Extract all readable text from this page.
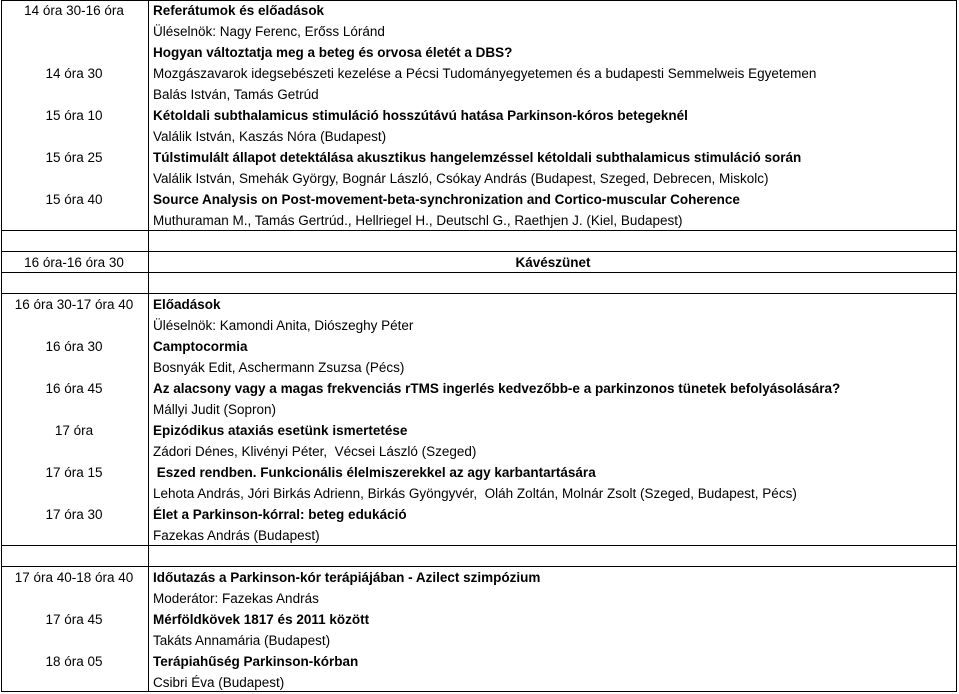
14 óra 30-16 óra	Referátumok és előadások
Üléselnök: Nagy Ferenc, Erőss Lóránd
Hogyan változtatja meg a beteg és orvosa életét a DBS?
14 óra 30	Mozgászavarok idegsebészeti kezelése a Pécsi Tudományegyetemen és a budapesti Semmelweis Egyetemen
Balás István, Tamás Getrúd
15 óra 10	Kétoldali subthalamicus stimuláció hosszútávú hatása Parkinson-kóros betegeknél
Valálik István, Kaszás Nóra (Budapest)
15 óra 25	Túlstimulált állapot detektálása akusztikus hangelemzéssel kétoldali subthalamicus stimuláció során
Valálik István, Smehák György, Bognár László, Csókay András (Budapest, Szeged, Debrecen, Miskolc)
15 óra 40	Source Analysis on Post-movement-beta-synchronization and Cortico-muscular Coherence
Muthuraman M., Tamás Gertrúd., Hellriegel H., Deutschl G., Raethjen J. (Kiel, Budapest)
16 óra-16 óra 30	Kávészünet
16 óra 30-17 óra 40	Előadások
Üléselnök: Kamondi Anita, Diószeghy Péter
16 óra 30	Camptocormia
Bosnyák Edit, Aschermann Zsuzsa (Pécs)
16 óra 45	Az alacsony vagy a magas frekvenciás rTMS ingerlés kedvezőbb-e a parkinzonos tünetek befolyásolására?
Mállyi Judit (Sopron)
17 óra	Epizódikus ataxiás esetünk ismertetése
Zádori Dénes, Klivényi Péter,  Vécsei László (Szeged)
17 óra 15	Eszed rendben. Funkcionális élelmiszerekkel az agy karbantartására
Lehota András, Jóri Birkás Adrienn, Birkás Gyöngyvér,  Oláh Zoltán, Molnár Zsolt (Szeged, Budapest, Pécs)
17 óra 30	Élet a Parkinson-kórral: beteg edukáció
Fazekas András (Budapest)
17 óra 40-18 óra 40	Időutazás a Parkinson-kór terápiájában - Azilect szimpózium
Moderátor: Fazekas András
17 óra 45	Mérföldkövek 1817 és 2011 között
Takáts Annamária (Budapest)
18 óra 05	Terápiahűség Parkinson-kórban
Csibri Éva (Budapest)
